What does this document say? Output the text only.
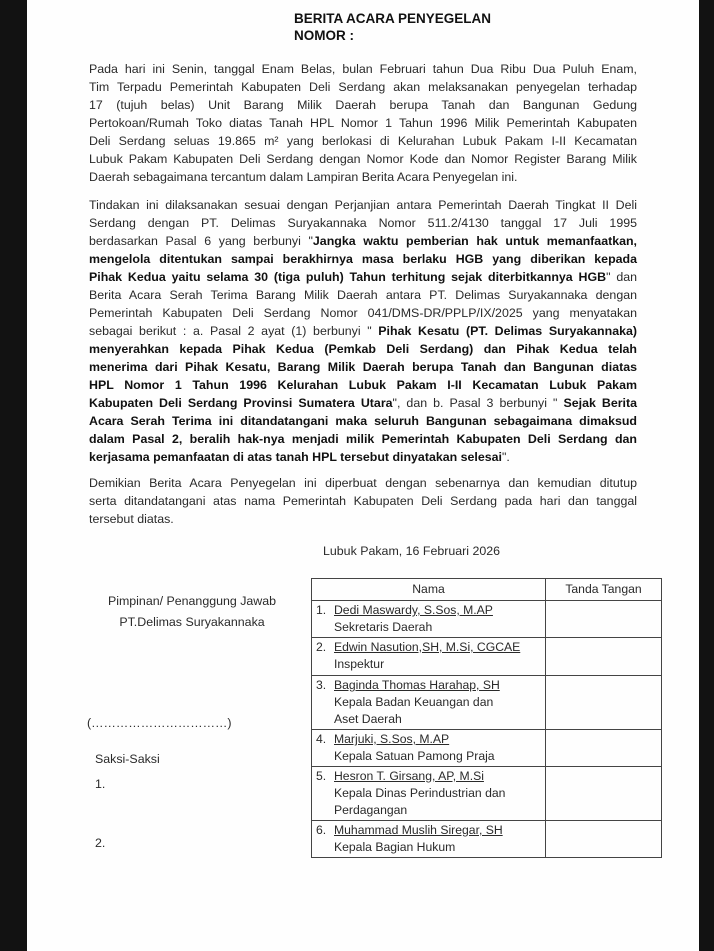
BERITA ACARA PENYEGELAN
NOMOR :
Pada hari ini Senin, tanggal Enam Belas, bulan Februari tahun Dua Ribu Dua Puluh Enam,
Tim Terpadu Pemerintah Kabupaten Deli Serdang akan melaksanakan penyegelan terhadap
17 (tujuh belas) Unit Barang Milik Daerah berupa Tanah dan Bangunan Gedung
Pertokoan/Rumah Toko diatas Tanah HPL Nomor 1 Tahun 1996 Milik Pemerintah Kabupaten
Deli Serdang seluas 19.865 m² yang berlokasi di Kelurahan Lubuk Pakam I-II Kecamatan
Lubuk Pakam Kabupaten Deli Serdang dengan Nomor Kode dan Nomor Register Barang Milik
Daerah sebagaimana tercantum dalam Lampiran Berita Acara Penyegelan ini.
Tindakan ini dilaksanakan sesuai dengan Perjanjian antara Pemerintah Daerah Tingkat II Deli
Serdang dengan PT. Delimas Suryakannaka Nomor 511.2/4130 tanggal 17 Juli 1995
berdasarkan Pasal 6 yang berbunyi "Jangka waktu pemberian hak untuk memanfaatkan,
mengelola ditentukan sampai berakhirnya masa berlaku HGB yang diberikan kepada
Pihak Kedua yaitu selama 30 (tiga puluh) Tahun terhitung sejak diterbitkannya HGB" dan
Berita Acara Serah Terima Barang Milik Daerah antara PT. Delimas Suryakannaka dengan
Pemerintah Kabupaten Deli Serdang Nomor 041/DMS-DR/PPLP/IX/2025 yang menyatakan
sebagai berikut : a. Pasal 2 ayat (1) berbunyi " Pihak Kesatu (PT. Delimas Suryakannaka)
menyerahkan kepada Pihak Kedua (Pemkab Deli Serdang) dan Pihak Kedua telah
menerima dari Pihak Kesatu, Barang Milik Daerah berupa Tanah dan Bangunan diatas
HPL Nomor 1 Tahun 1996 Kelurahan Lubuk Pakam I-II Kecamatan Lubuk Pakam
Kabupaten Deli Serdang Provinsi Sumatera Utara", dan b. Pasal 3 berbunyi " Sejak Berita
Acara Serah Terima ini ditandatangani maka seluruh Bangunan sebagaimana dimaksud
dalam Pasal 2, beralih hak-nya menjadi milik Pemerintah Kabupaten Deli Serdang dan
kerjasama pemanfaatan di atas tanah HPL tersebut dinyatakan selesai".
Demikian Berita Acara Penyegelan ini diperbuat dengan sebenarnya dan kemudian ditutup
serta ditandatangani atas nama Pemerintah Kabupaten Deli Serdang pada hari dan tanggal
tersebut diatas.
Lubuk Pakam, 16 Februari 2026
Pimpinan/ Penanggung Jawab
PT.Delimas Suryakannaka
(……………………………)
Saksi-Saksi
1.
2.
Nama	Tanda Tangan

1. Dedi Maswardy, S.Sos, M.AP
Sekretaris Daerah	

2. Edwin Nasution,SH, M.Si, CGCAE
Inspektur	

3. Baginda Thomas Harahap, SH
Kepala Badan Keuangan dan
Aset Daerah	

4. Marjuki, S.Sos, M.AP
Kepala Satuan Pamong Praja	

5. Hesron T. Girsang, AP, M.Si
Kepala Dinas Perindustrian dan
Perdagangan	

6. Muhammad Muslih Siregar, SH
Kepala Bagian Hukum	
